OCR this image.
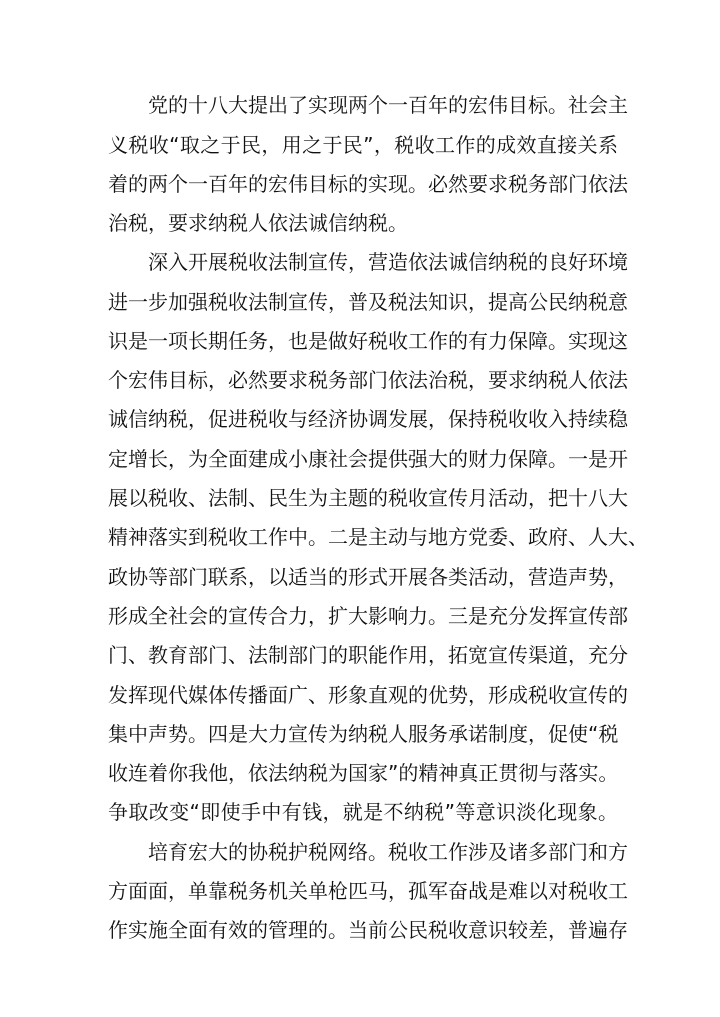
党的十八大提出了实现两个一百年的宏伟目标。社会主
义税收“取之于民，用之于民”，税收工作的成效直接关系
着的两个一百年的宏伟目标的实现。必然要求税务部门依法
治税，要求纳税人依法诚信纳税。
深入开展税收法制宣传，营造依法诚信纳税的良好环境
进一步加强税收法制宣传，普及税法知识，提高公民纳税意
识是一项长期任务，也是做好税收工作的有力保障。实现这
个宏伟目标，必然要求税务部门依法治税，要求纳税人依法
诚信纳税，促进税收与经济协调发展，保持税收收入持续稳
定增长，为全面建成小康社会提供强大的财力保障。一是开
展以税收、法制、民生为主题的税收宣传月活动，把十八大
精神落实到税收工作中。二是主动与地方党委、政府、人大、
政协等部门联系，以适当的形式开展各类活动，营造声势，
形成全社会的宣传合力，扩大影响力。三是充分发挥宣传部
门、教育部门、法制部门的职能作用，拓宽宣传渠道，充分
发挥现代媒体传播面广、形象直观的优势，形成税收宣传的
集中声势。四是大力宣传为纳税人服务承诺制度，促使“税
收连着你我他，依法纳税为国家”的精神真正贯彻与落实。
争取改变“即使手中有钱，就是不纳税”等意识淡化现象。
培育宏大的协税护税网络。税收工作涉及诸多部门和方
方面面，单靠税务机关单枪匹马，孤军奋战是难以对税收工
作实施全面有效的管理的。当前公民税收意识较差，普遍存
